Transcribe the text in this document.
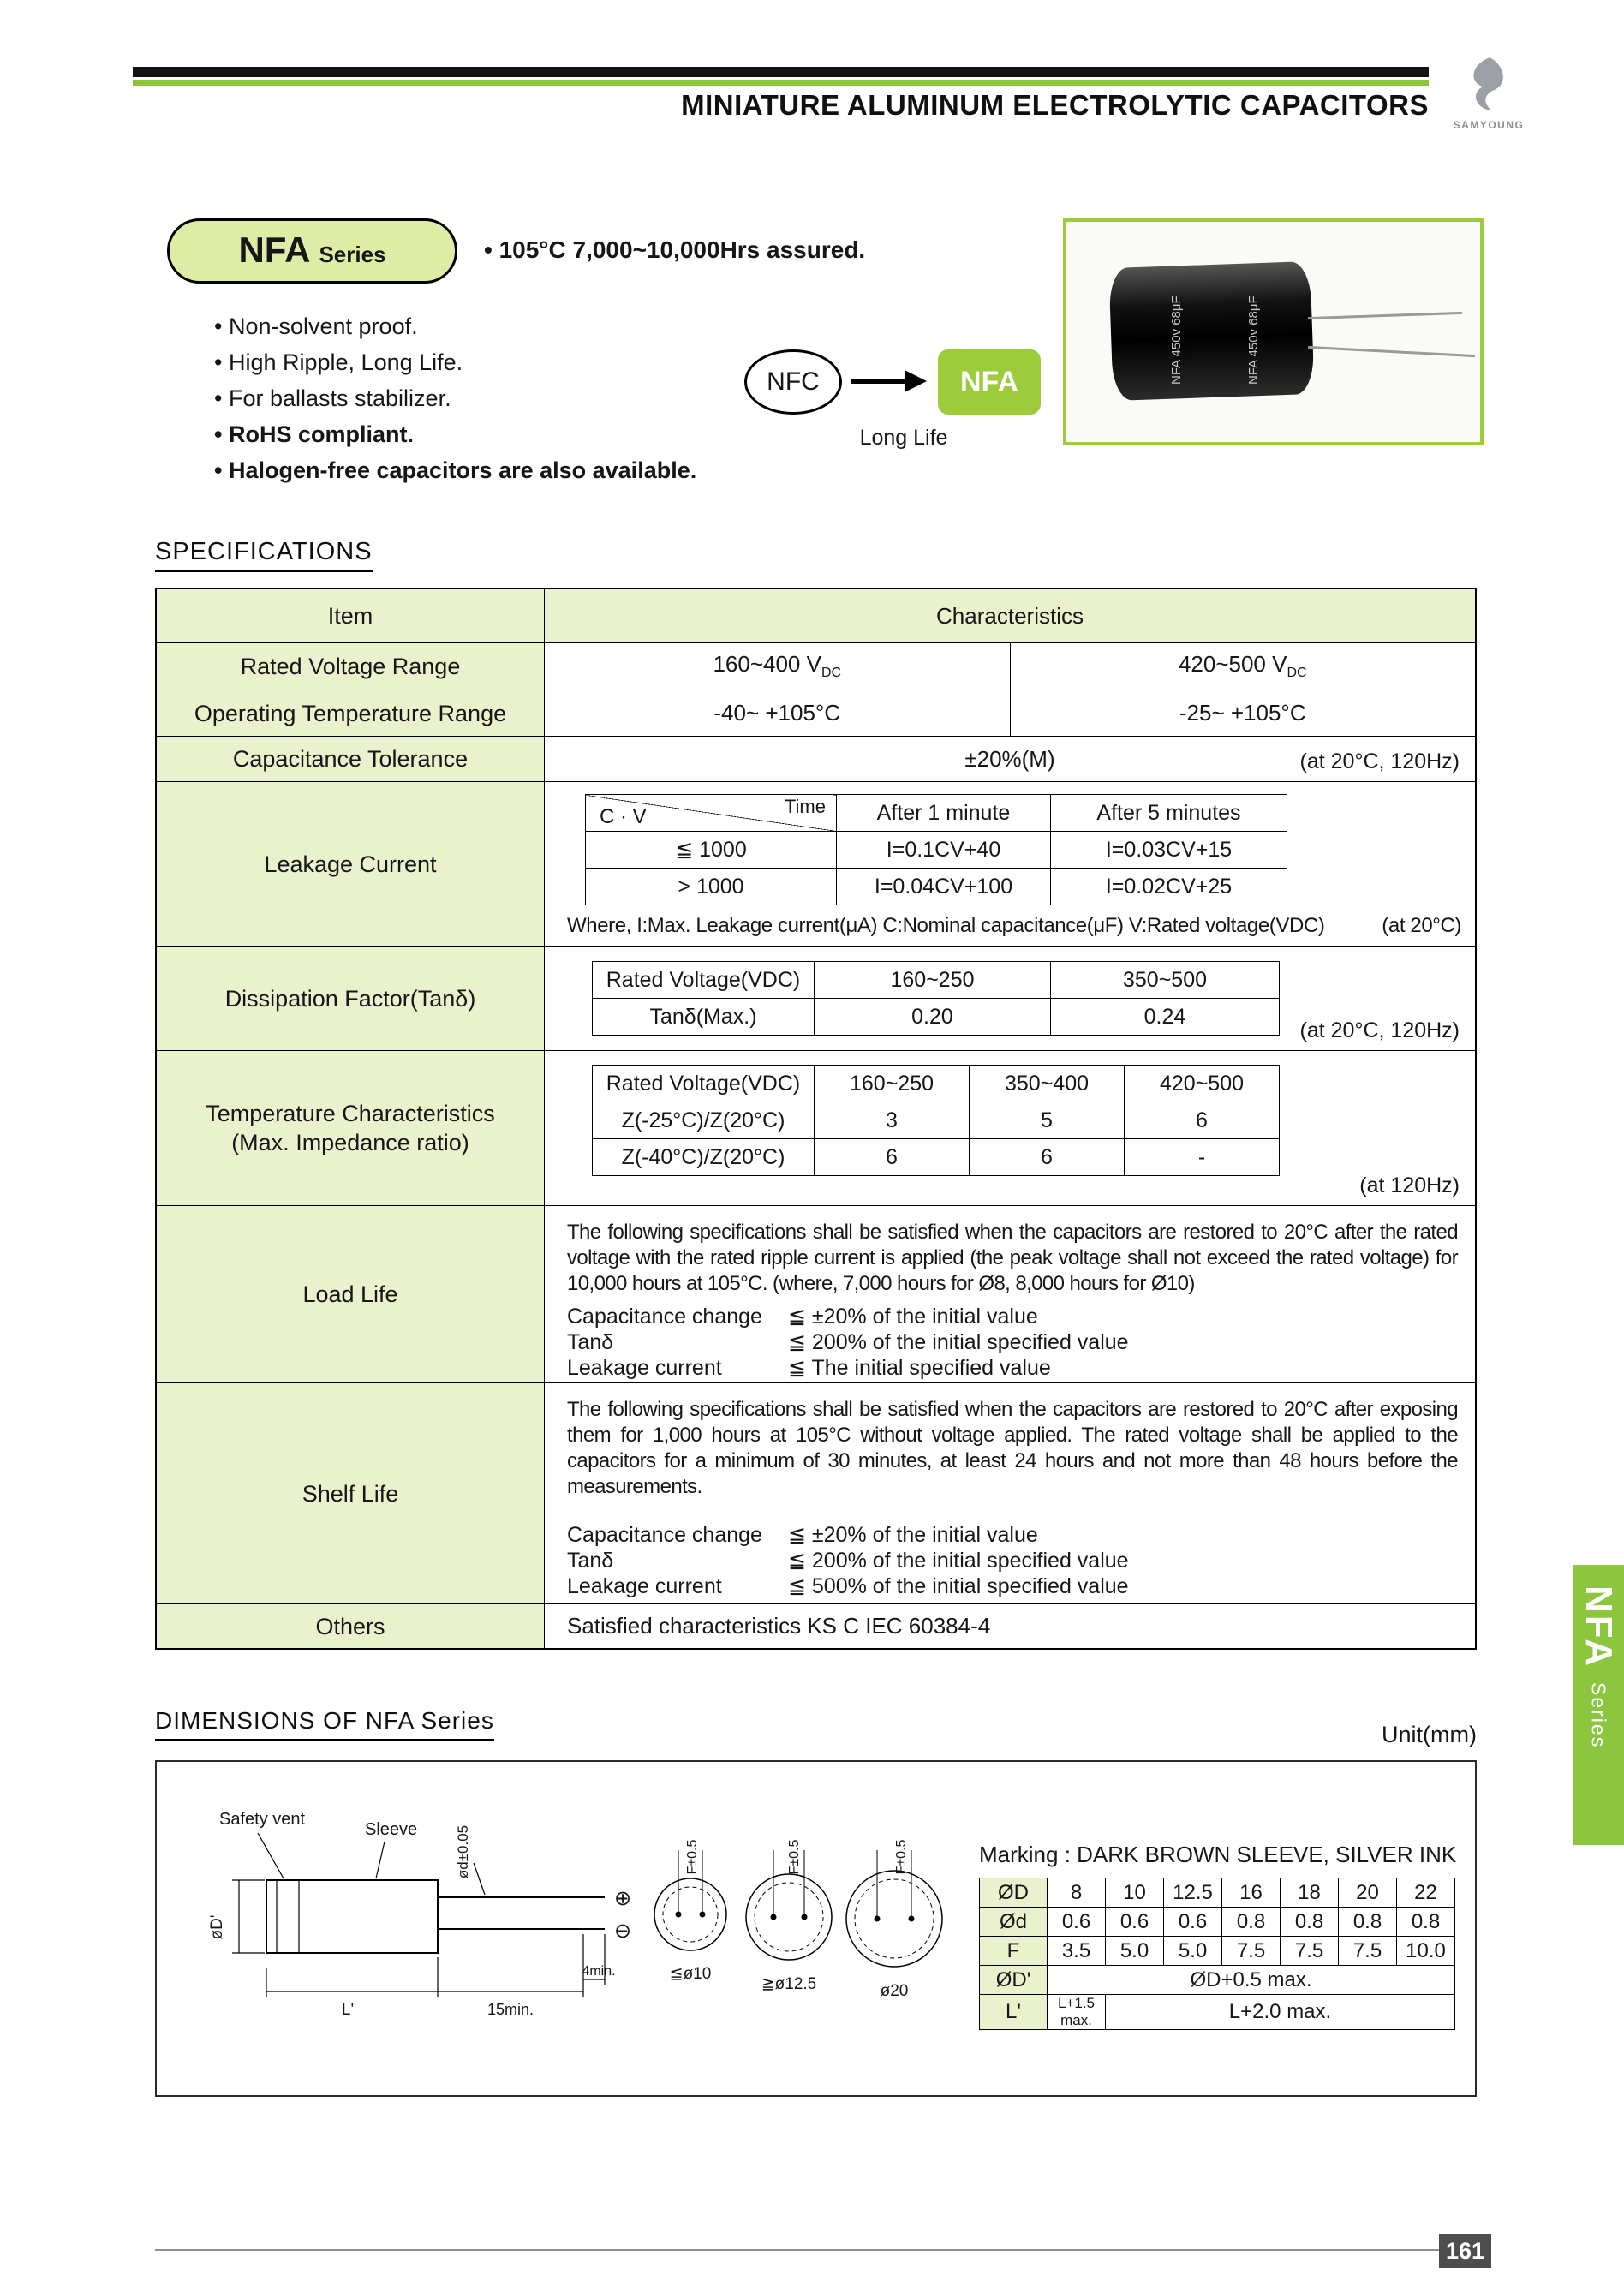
MINIATURE ALUMINUM ELECTROLYTIC CAPACITORS
SAMYOUNG
NFA Series	• 105°C 7,000~10,000Hrs assured.
• Non-solvent proof.
• High Ripple, Long Life.
• For ballasts stabilizer.
• RoHS compliant.
• Halogen-free capacitors are also available.
NFC	NFA
Long Life
NFA 450v 68μF	NFA 450v 68μF
SPECIFICATIONS
Item	Characteristics
Rated Voltage Range	160~400 $V_{DC}$	420~500 $V_{DC}$
Operating Temperature Range	-40~ +105°C	-25~ +105°C
Capacitance Tolerance	±20%(M)	(at 20°C, 120Hz)
Leakage Current
Time
C · V	After 1 minute	After 5 minutes
≦ 1000	I=0.1CV+40	I=0.03CV+15
> 1000	I=0.04CV+100	I=0.02CV+25
Where, I:Max. Leakage current(μA) C:Nominal capacitance(μF) V:Rated voltage(VDC)	(at 20°C)
Dissipation Factor(Tanδ)
Rated Voltage(VDC)	160~250	350~500
Tanδ(Max.)	0.20	0.24
(at 20°C, 120Hz)
Temperature Characteristics
(Max. Impedance ratio)
Rated Voltage(VDC)	160~250	350~400	420~500
Z(-25°C)/Z(20°C)	3	5	6
Z(-40°C)/Z(20°C)	6	6	-
(at 120Hz)
Load Life
The following specifications shall be satisfied when the capacitors are restored to 20°C after the rated voltage with the rated ripple current is applied (the peak voltage shall not exceed the rated voltage) for 10,000 hours at 105°C. (where, 7,000 hours for Ø8, 8,000 hours for Ø10)
Capacitance change	≦ ±20% of the initial value
Tanδ	≦ 200% of the initial specified value
Leakage current	≦ The initial specified value
Shelf Life
The following specifications shall be satisfied when the capacitors are restored to 20°C after exposing them for 1,000 hours at 105°C without voltage applied. The rated voltage shall be applied to the capacitors for a minimum of 30 minutes, at least 24 hours and not more than 48 hours before the measurements.
Capacitance change	≦ ±20% of the initial value
Tanδ	≦ 200% of the initial specified value
Leakage current	≦ 500% of the initial specified value
Others	Satisfied characteristics KS C IEC 60384-4
DIMENSIONS OF NFA Series
Unit(mm)
Safety vent
Sleeve
øD'
ød±0.05
⊕
⊖
L'	15min.
4min.
F±0.5	F±0.5	F±0.5
≦ø10
≧ø12.5	ø20
Marking : DARK BROWN SLEEVE, SILVER INK
ØD	8	10	12.5	16	18	20	22
Ød	0.6	0.6	0.6	0.8	0.8	0.8	0.8
F	3.5	5.0	5.0	7.5	7.5	7.5	10.0
ØD'	ØD+0.5 max.						
L'	L+1.5 max.	L+2.0 max.					
NFA
Series
161
